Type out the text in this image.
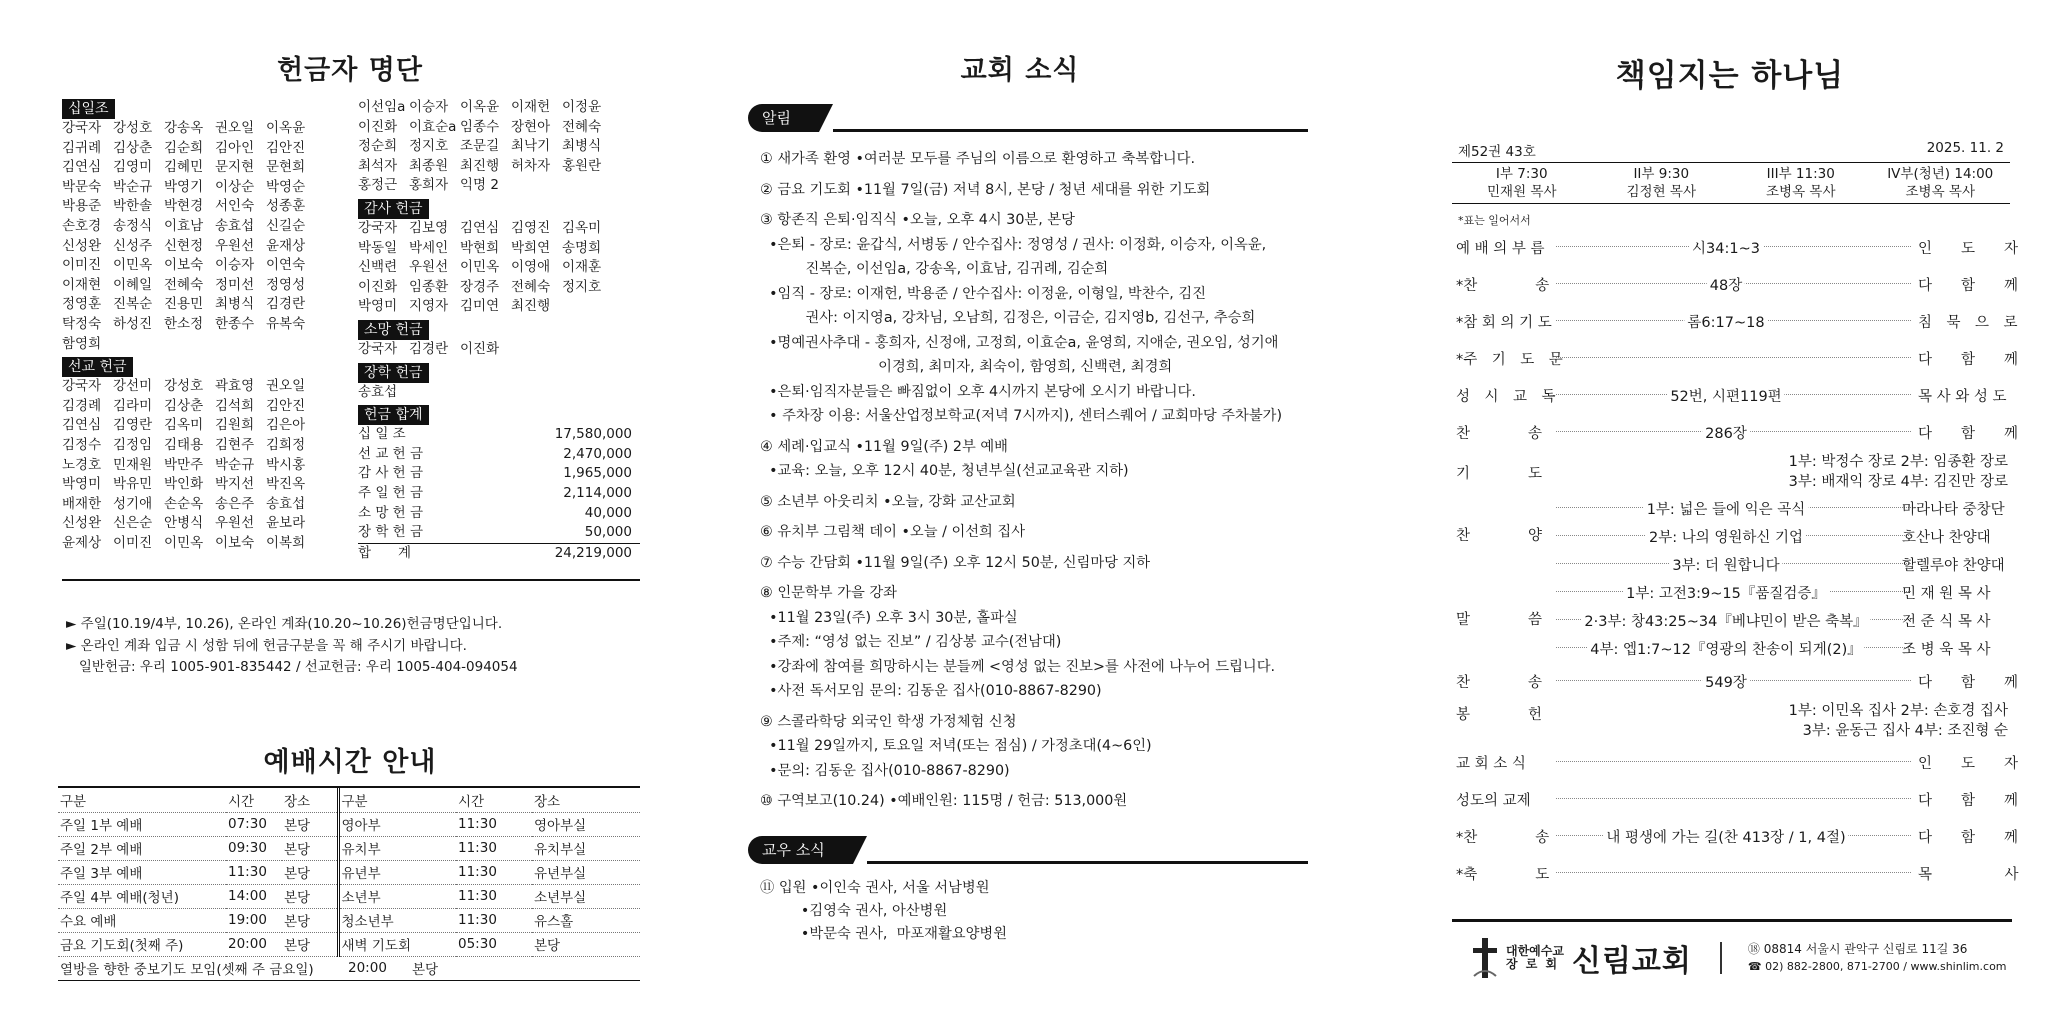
헌금자 명단
십일조
강국자 강성호 강송옥 권오일 이옥윤
김귀례 김상춘 김순희 김아인 김안진
김연심 김영미 김혜민 문지현 문현희
박문숙 박순규 박영기 이상순 박영순
박용준 박한솔 박현경 서인숙 성종훈
손호경 송정식 이효남 송효섭 신길순
신성완 신성주 신현정 우원선 윤재상
이미진 이민옥 이보숙 이승자 이연숙
이재현 이혜일 전혜숙 정미선 정영성
정영훈 진복순 진용민 최병식 김경란
탁정숙 하성진 한소정 한종수 유복숙
함영희
선교 헌금
강국자 강선미 강성호 곽효영 권오일
김경례 김라미 김상춘 김석희 김안진
김연심 김영란 김옥미 김원희 김은아
김정수 김정임 김태용 김현주 김희정
노경호 민재원 박만주 박순규 박시홍
박영미 박유민 박인화 박지선 박진옥
배재한 성기애 손순옥 송은주 송효섭
신성완 신은순 안병식 우원선 윤보라
윤제상 이미진 이민옥 이보숙 이복희
이선임a 이승자 이옥윤 이재헌 이정윤
이진화 이효순a 임종수 장현아 전혜숙
정순희 정지호 조문길 최낙기 최병식
최석자 최종원 최진행 허차자 홍원란
홍정근 홍희자 익명 2
감사 헌금
강국자 김보영 김연심 김영진 김옥미
박동일 박세인 박현희 박희연 송명희
신백련 우원선 이민옥 이영애 이재훈
이진화 임종환 장경주 전혜숙 정지호
박영미 지영자 김미연 최진행
소망 헌금
강국자 김경란 이진화
장학 헌금
송효섭
헌금 합계
십 일 조	17,580,000
선 교 헌 금	2,470,000
감 사 헌 금	1,965,000
주 일 헌 금	2,114,000
소 망 헌 금	40,000
장 학 헌 금	50,000
합　　계	24,219,000
► 주일(10.19/4부, 10.26), 온라인 계좌(10.20~10.26)헌금명단입니다.
► 온라인 계좌 입금 시 성함 뒤에 헌금구분을 꼭 해 주시기 바랍니다.
일반헌금: 우리 1005-901-835442 / 선교헌금: 우리 1005-404-094054
예배시간 안내
구분	시간	장소	구분	시간	장소
주일 1부 예배	07:30	본당	영아부	11:30	영아부실
주일 2부 예배	09:30	본당	유치부	11:30	유치부실
주일 3부 예배	11:30	본당	유년부	11:30	유년부실
주일 4부 예배(청년)	14:00	본당	소년부	11:30	소년부실
수요 예배	19:00	본당	청소년부	11:30	유스홀
금요 기도회(첫째 주)	20:00	본당	새벽 기도회	05:30	본당
열방을 향한 중보기도 모임(셋째 주 금요일)	20:00	본당
교회 소식
알림
① 새가족 환영 •여러분 모두를 주님의 이름으로 환영하고 축복합니다.
② 금요 기도회 •11월 7일(금) 저녁 8시, 본당 / 청년 세대를 위한 기도회
③ 항존직 은퇴·임직식 •오늘, 오후 4시 30분, 본당
•은퇴 - 장로: 윤갑식, 서병동 / 안수집사: 정영성 / 권사: 이정화, 이승자, 이옥윤,
진복순, 이선임a, 강송옥, 이효남, 김귀례, 김순희
•임직 - 장로: 이재헌, 박용준 / 안수집사: 이정윤, 이형일, 박찬수, 김진
권사: 이지영a, 강차님, 오남희, 김정은, 이금순, 김지영b, 김선구, 추승희
•명예권사추대 - 홍희자, 신정애, 고정희, 이효순a, 윤영희, 지애순, 권오임, 성기애
이경희, 최미자, 최숙이, 함영희, 신백련, 최경희
•은퇴·임직자분들은 빠짐없이 오후 4시까지 본당에 오시기 바랍니다.
• 주차장 이용: 서울산업정보학교(저녁 7시까지), 센터스퀘어 / 교회마당 주차불가)
④ 세례·입교식 •11월 9일(주) 2부 예배
•교육: 오늘, 오후 12시 40분, 청년부실(선교교육관 지하)
⑤ 소년부 아웃리치 •오늘, 강화 교산교회
⑥ 유치부 그림책 데이 •오늘 / 이선희 집사
⑦ 수능 간담회 •11월 9일(주) 오후 12시 50분, 신림마당 지하
⑧ 인문학부 가을 강좌
•11월 23일(주) 오후 3시 30분, 홀파실
•주제: “영성 없는 진보” / 김상봉 교수(전남대)
•강좌에 참여를 희망하시는 분들께 <영성 없는 진보>를 사전에 나누어 드립니다.
•사전 독서모임 문의: 김동운 집사(010-8867-8290)
⑨ 스콜라학당 외국인 학생 가정체험 신청
•11월 29일까지, 토요일 저녁(또는 점심) / 가정초대(4~6인)
•문의: 김동운 집사(010-8867-8290)
⑩ 구역보고(10.24) •예배인원: 115명 / 헌금: 513,000원
교우 소식
⑪ 입원 •이인숙 권사, 서울 서남병원
•김영숙 권사, 아산병원
•박문숙 권사,  마포재활요양병원
책임지는 하나님
제52권 43호	2025. 11. 2
I부 7:30
민재원 목사
II부 9:30
김정현 목사
III부 11:30
조병옥 목사
IV부(청년) 14:00
조병옥 목사
*표는 일어서서
예 배 의 부 름	시34:1~3	인　　도　　자
*찬　　　　송	48장	다　　함　　께
*참 회 의 기 도	롬6:17~18	침　묵　으　로
*주　기　도　문	다　　함　　께
성　시　교　독	52번, 시편119편	목 사 와 성 도
찬　　　　송	286장	다　　함　　께
기　　　　도
1부: 박정수 장로 2부: 임종환 장로
3부: 배재익 장로 4부: 김진만 장로
찬　　　　양
1부: 넓은 들에 익은 곡식	마라나타 중창단
2부: 나의 영원하신 기업	호산나 찬양대
3부: 더 원합니다	할렐루야 찬양대
말　　　　씀
1부: 고전3:9~15『품질검증』	민 재 원 목 사
2·3부: 창43:25~34『베냐민이 받은 축복』 전 준 식 목 사
4부: 엡1:7~12『영광의 찬송이 되게(2)』	조 병 욱 목 사
찬　　　　송	549장	다　　함　　께
봉　　　　헌	1부: 이민옥 집사 2부: 손호경 집사
3부: 윤동근 집사 4부: 조진형 순
교 회 소 식	인　　도　　자
성도의 교제	다　　함　　께
*찬　　　　송	내 평생에 가는 길(찬 413장 / 1, 4절)	다　　함　　께
*축　　　　도	목　　　　　사
대한예수교
장 로 회 신림교회	⑱ 08814 서울시 관악구 신림로 11길 36
☎ 02) 882-2800, 871-2700 / www.shinlim.com
